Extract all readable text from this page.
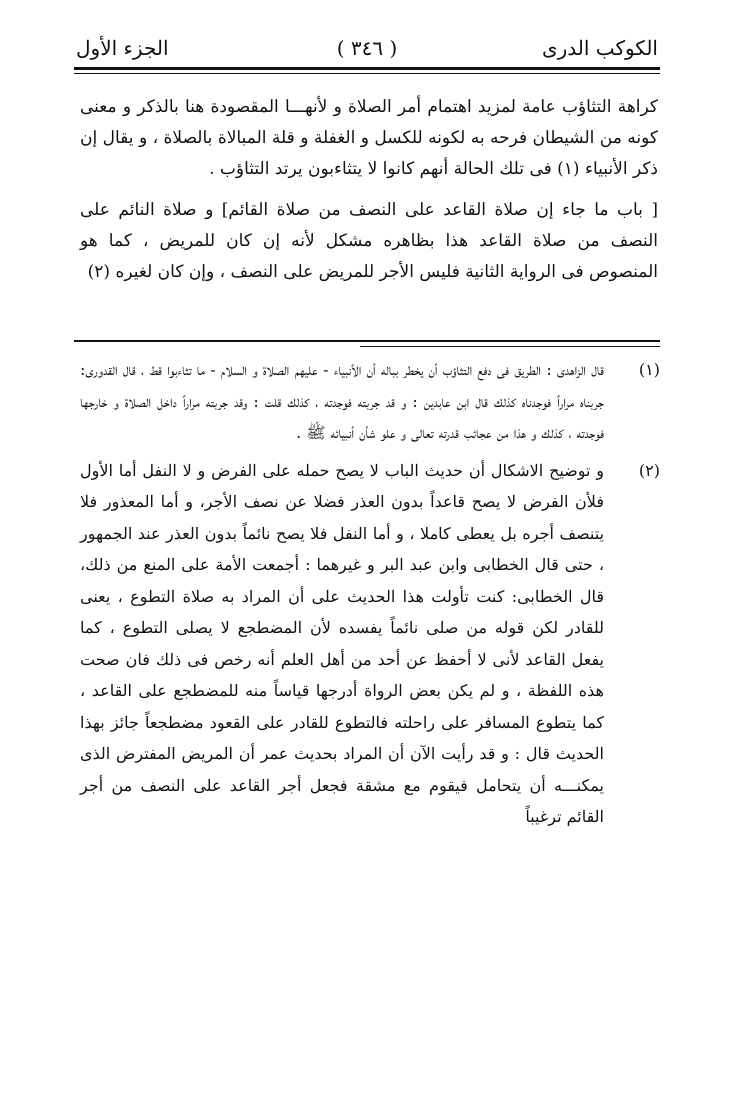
الكوكب الدرى
( ٣٤٦ )
الجزء الأول

كراهة التثاؤب عامة لمزيد اهتمام أمر الصلاة و لأنهـــا المقصودة هنا بالذكر و معنى كونه من الشيطان فرحه به لكونه للكسل و الغفلة و قلة المبالاة بالصلاة ، و يقال إن ذكر الأنبياء (١) فى تلك الحالة أنهم كانوا لا يتثاءبون يرتد التثاؤب .

[ باب ما جاء إن صلاة القاعد على النصف من صلاة القائم] و صلاة النائم على النصف من صلاة القاعد هذا بظاهره مشكل لأنه إن كان للمريض ، كما هو المنصوص فى الرواية الثانية فليس الأجر للمريض على النصف ، وإن كان لغيره (٢)

(١)
قال الزاهدى : الطريق فى دفع التثاؤب أن يخطر بباله أن الأنبياء - عليهم الصلاة و السلام - ما تثاءبوا قط ، قال القدورى: جربناه مراراً فوجدناه كذلك قال ابن عابدين : و قد جربته فوجدته ، كذلك قلت : وقد جربته مراراً داخل الصلاة و خارجها فوجدته ، كذلك و هذا من عجائب قدرته تعالى و علو شأن أنبيائه ﷺ .
(٢)
و توضيح الاشكال أن حديث الباب لا يصح حمله على الفرض و لا النفل أما الأول فلأن الفرض لا يصح قاعداً بدون العذر فضلا عن نصف الأجر، و أما المعذور فلا يتنصف أجره بل يعطى كاملا ، و أما النفل فلا يصح نائماً بدون العذر عند الجمهور ، حتى قال الخطابى وابن عبد البر و غيرهما : أجمعت الأمة على المنع من ذلك، قال الخطابى: كنت تأولت هذا الحديث على أن المراد به صلاة التطوع ، يعنى للقادر لكن قوله من صلى نائماً يفسده لأن المضطجع لا يصلى التطوع ، كما يفعل القاعد لأنى لا أحفظ عن أحد من أهل العلم أنه رخص فى ذلك فان صحت هذه اللفظة ، و لم يكن بعض الرواة أدرجها قياساً منه للمضطجع على القاعد ، كما يتطوع المسافر على راحلته فالتطوع للقادر على القعود مضطجعاً جائز بهذا الحديث قال : و قد رأيت الآن أن المراد بحديث عمر أن المريض المفترض الذى يمكنـــه أن يتحامل فيقوم مع مشقة فجعل أجر القاعد على النصف من أجر القائم ترغيباً
